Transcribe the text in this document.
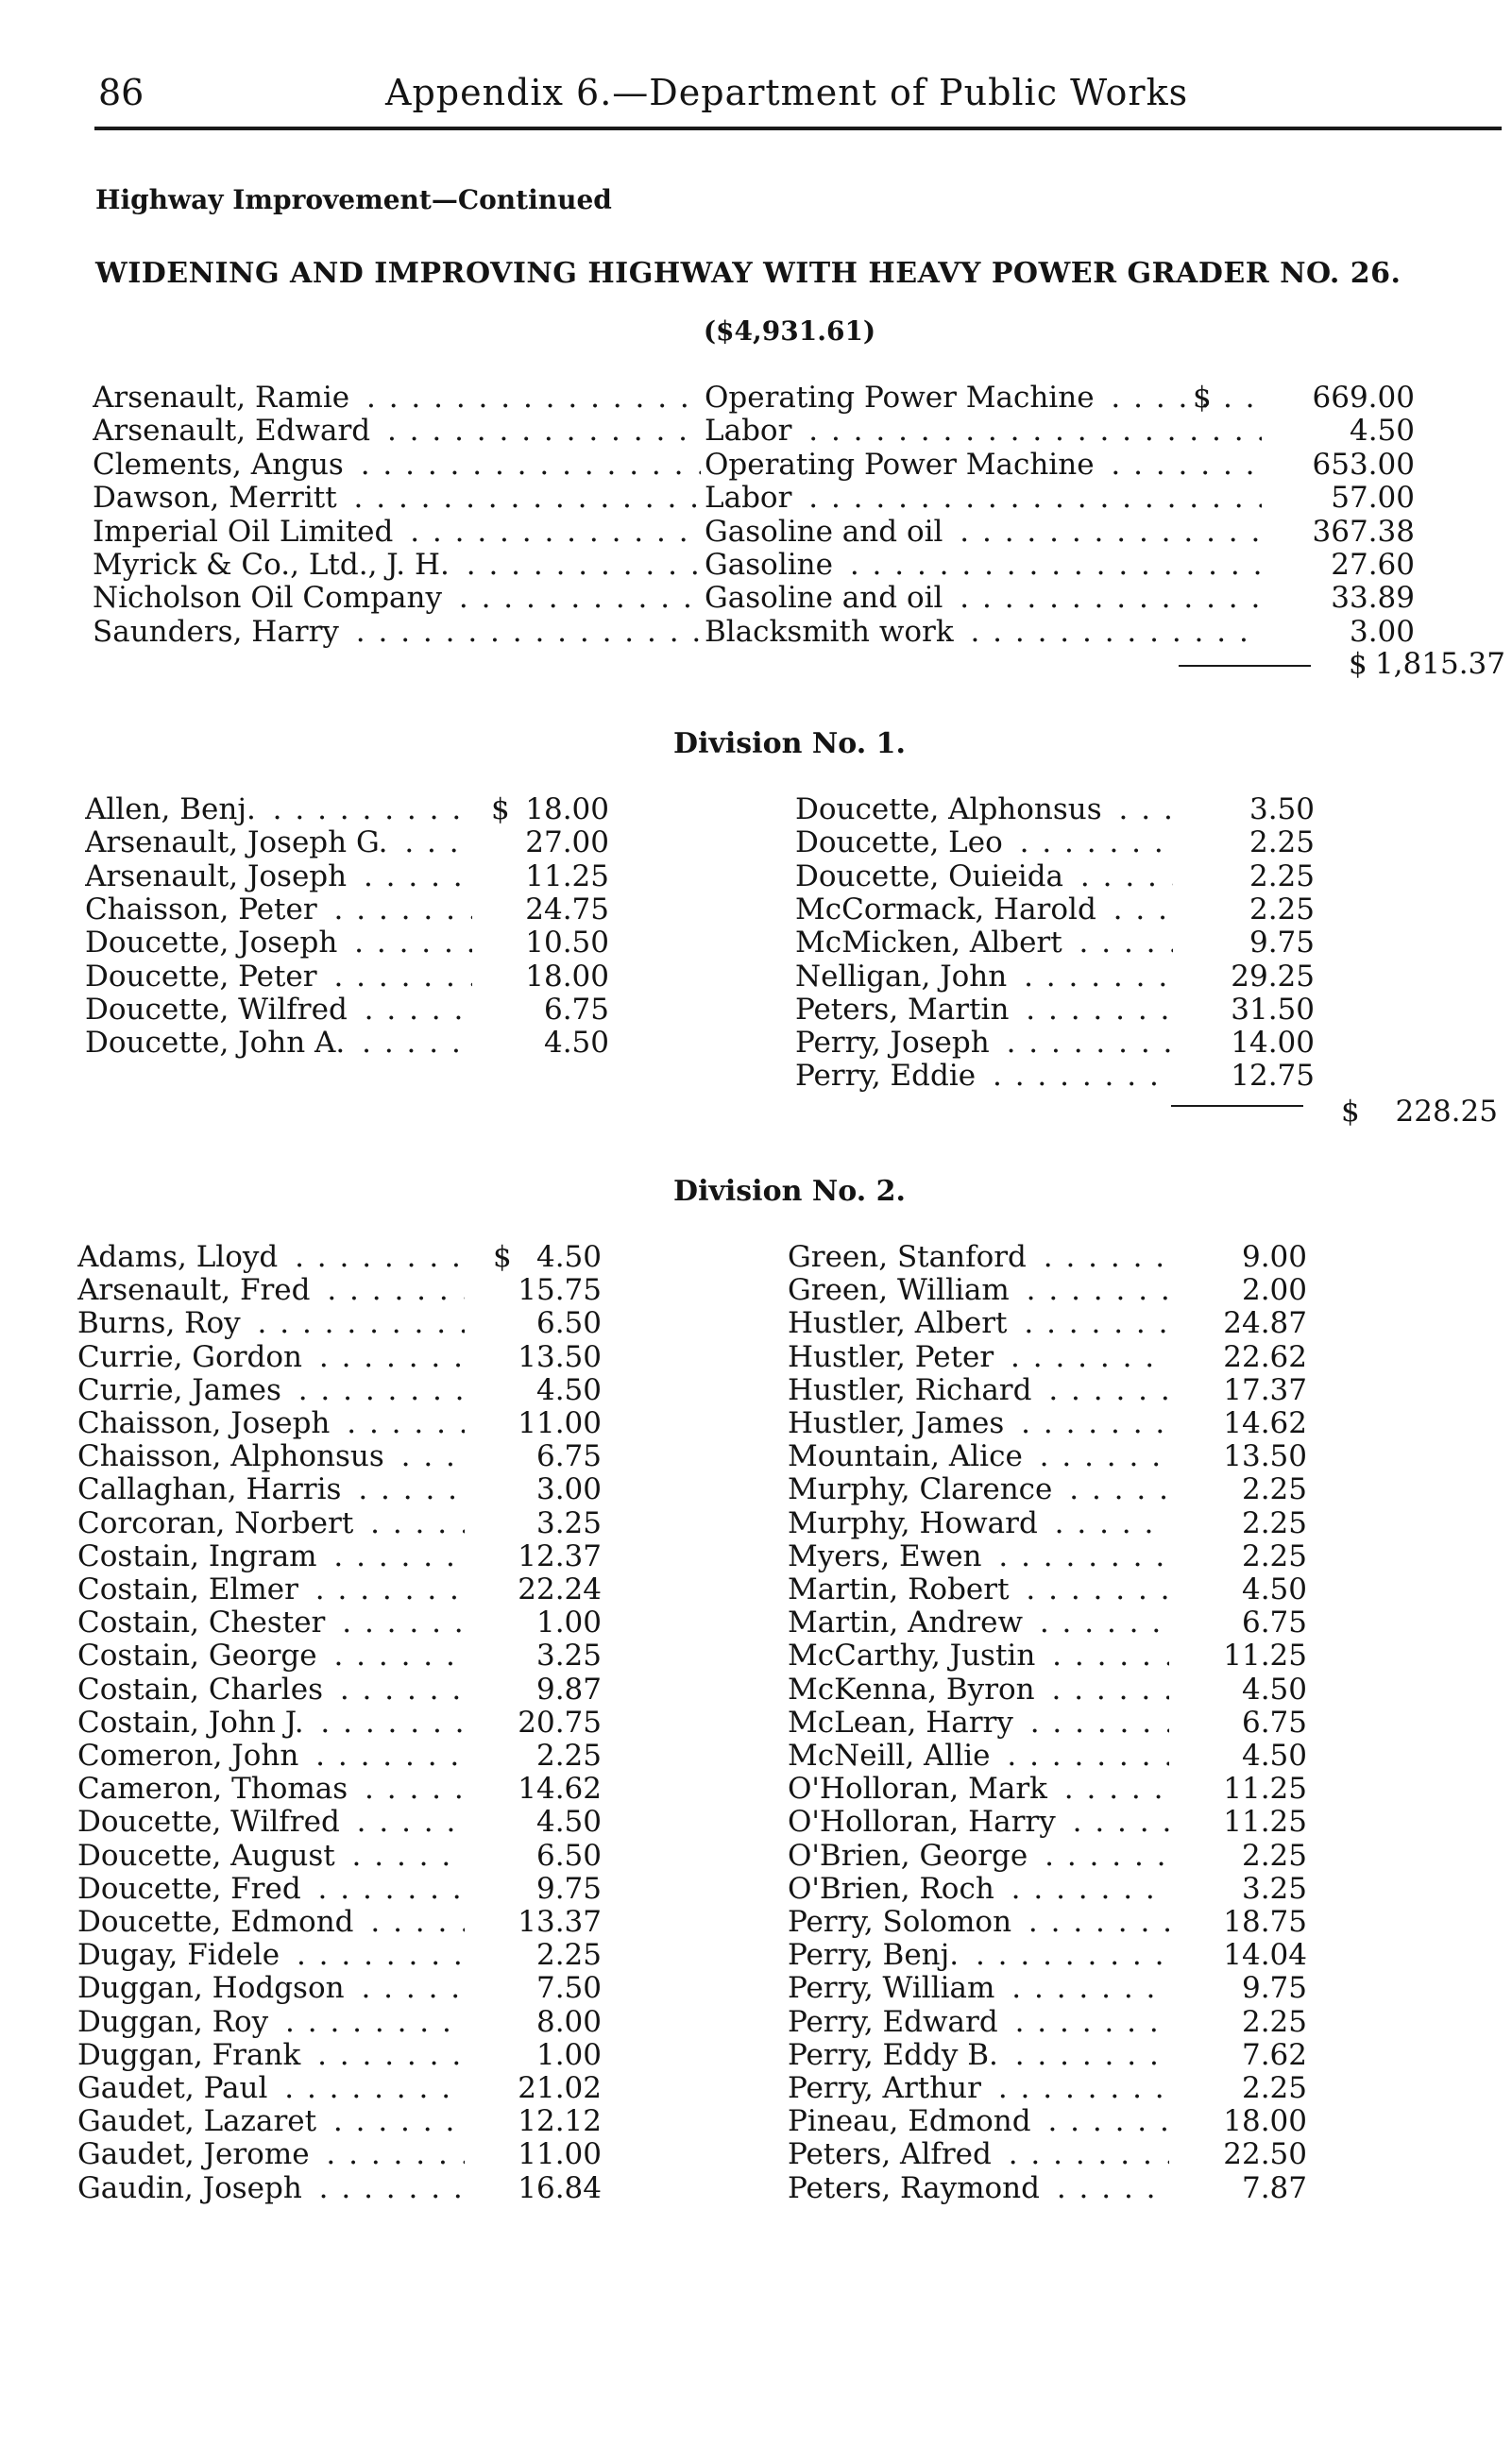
86	Appendix 6.—Department of Public Works
Highway Improvement—Continued
WIDENING AND IMPROVING HIGHWAY WITH HEAVY POWER GRADER NO. 26.
($4,931.61)
Arsenault, Ramie . . .	Operating Power Machine . . .	$	669.00
Arsenault, Edward . . .	Labor . . .	4.50
Clements, Angus . . .	Operating Power Machine . . .	653.00
Dawson, Merritt . . .	Labor . . .	57.00
Imperial Oil Limited . . .	Gasoline and oil . . .	367.38
Myrick & Co., Ltd., J. H. . . .	Gasoline . . .	27.60
Nicholson Oil Company . . .	Gasoline and oil . . .	33.89
Saunders, Harry . . .	Blacksmith work . . .	3.00
$ 1,815.37
Division No. 1.
Allen, Benj. . . .	$ 18.00
Arsenault, Joseph G. . . .	27.00
Arsenault, Joseph . . .	11.25
Chaisson, Peter . . .	24.75
Doucette, Joseph . . .	10.50
Doucette, Peter . . .	18.00
Doucette, Wilfred . . .	6.75
Doucette, John A. . . .	4.50
Doucette, Alphonsus . . .	3.50
Doucette, Leo . . .	2.25
Doucette, Ouieida . . .	2.25
McCormack, Harold . . .	2.25
McMicken, Albert . . .	9.75
Nelligan, John . . .	29.25
Peters, Martin . . .	31.50
Perry, Joseph . . .	14.00
Perry, Eddie . . .	12.75
$	228.25
Division No. 2.
Adams, Lloyd . . .	$ 4.50
Arsenault, Fred . . .	15.75
Burns, Roy . . .	6.50
Currie, Gordon . . .	13.50
Currie, James . . .	4.50
Chaisson, Joseph . . .	11.00
Chaisson, Alphonsus . . .	6.75
Callaghan, Harris . . .	3.00
Corcoran, Norbert . . .	3.25
Costain, Ingram . . .	12.37
Costain, Elmer . . .	22.24
Costain, Chester . . .	1.00
Costain, George . . .	3.25
Costain, Charles . . .	9.87
Costain, John J. . . .	20.75
Comeron, John . . .	2.25
Cameron, Thomas . . .	14.62
Doucette, Wilfred . . .	4.50
Doucette, August . . .	6.50
Doucette, Fred . . .	9.75
Doucette, Edmond . . .	13.37
Dugay, Fidele . . .	2.25
Duggan, Hodgson . . .	7.50
Duggan, Roy . . .	8.00
Duggan, Frank . . .	1.00
Gaudet, Paul . . .	21.02
Gaudet, Lazaret . . .	12.12
Gaudet, Jerome . . .	11.00
Gaudin, Joseph . . .	16.84
Green, Stanford . . .	9.00
Green, William . . .	2.00
Hustler, Albert . . .	24.87
Hustler, Peter . . .	22.62
Hustler, Richard . . .	17.37
Hustler, James . . .	14.62
Mountain, Alice . . .	13.50
Murphy, Clarence . . .	2.25
Murphy, Howard . . .	2.25
Myers, Ewen . . .	2.25
Martin, Robert . . .	4.50
Martin, Andrew . . .	6.75
McCarthy, Justin . . .	11.25
McKenna, Byron . . .	4.50
McLean, Harry . . .	6.75
McNeill, Allie . . .	4.50
O'Holloran, Mark . . .	11.25
O'Holloran, Harry . . .	11.25
O'Brien, George . . .	2.25
O'Brien, Roch . . .	3.25
Perry, Solomon . . .	18.75
Perry, Benj. . . .	14.04
Perry, William . . .	9.75
Perry, Edward . . .	2.25
Perry, Eddy B. . . .	7.62
Perry, Arthur . . .	2.25
Pineau, Edmond . . .	18.00
Peters, Alfred . . .	22.50
Peters, Raymond . . .	7.87
